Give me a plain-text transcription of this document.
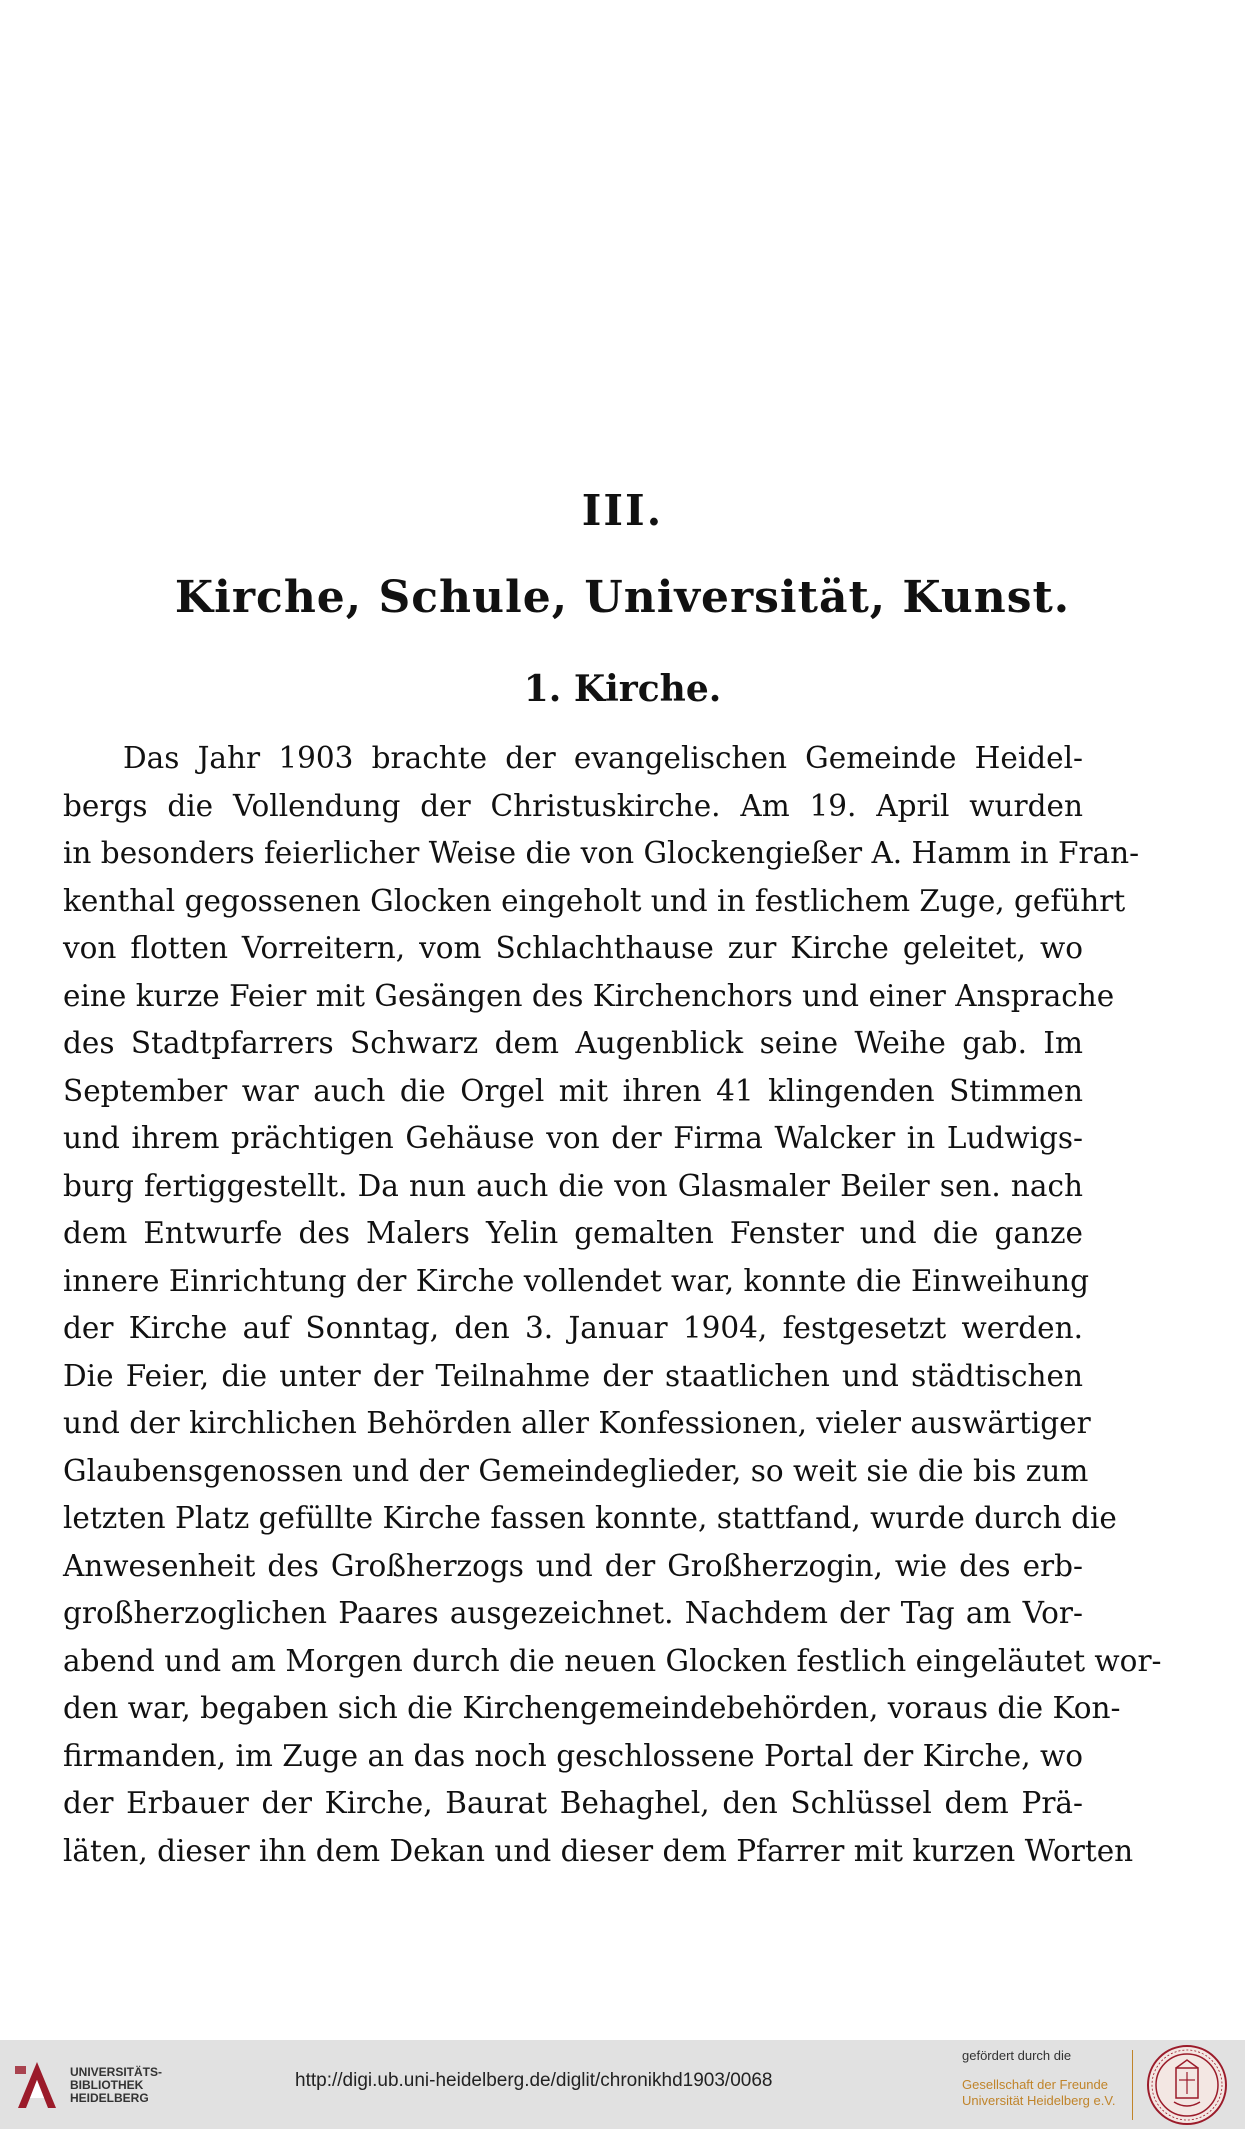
III.
Kirche, Schule, Universität, Kunst.
1. Kirche.
Das Jahr 1903 brachte der evangelischen Gemeinde Heidel-
bergs die Vollendung der Christuskirche. Am 19. April wurden
in besonders feierlicher Weise die von Glockengießer A. Hamm in Fran-
kenthal gegossenen Glocken eingeholt und in festlichem Zuge, geführt
von flotten Vorreitern, vom Schlachthause zur Kirche geleitet, wo
eine kurze Feier mit Gesängen des Kirchenchors und einer Ansprache
des Stadtpfarrers Schwarz dem Augenblick seine Weihe gab. Im
September war auch die Orgel mit ihren 41 klingenden Stimmen
und ihrem prächtigen Gehäuse von der Firma Walcker in Ludwigs-
burg fertiggestellt. Da nun auch die von Glasmaler Beiler sen. nach
dem Entwurfe des Malers Yelin gemalten Fenster und die ganze
innere Einrichtung der Kirche vollendet war, konnte die Einweihung
der Kirche auf Sonntag, den 3. Januar 1904, festgesetzt werden.
Die Feier, die unter der Teilnahme der staatlichen und städtischen
und der kirchlichen Behörden aller Konfessionen, vieler auswärtiger
Glaubensgenossen und der Gemeindeglieder, so weit sie die bis zum
letzten Platz gefüllte Kirche fassen konnte, stattfand, wurde durch die
Anwesenheit des Großherzogs und der Großherzogin, wie des erb-
großherzoglichen Paares ausgezeichnet. Nachdem der Tag am Vor-
abend und am Morgen durch die neuen Glocken festlich eingeläutet wor-
den war, begaben sich die Kirchengemeindebehörden, voraus die Kon-
firmanden, im Zuge an das noch geschlossene Portal der Kirche, wo
der Erbauer der Kirche, Baurat Behaghel, den Schlüssel dem Prä-
läten, dieser ihn dem Dekan und dieser dem Pfarrer mit kurzen Worten
UNIVERSITÄTS-
BIBLIOTHEK
HEIDELBERG
http://digi.ub.uni-heidelberg.de/diglit/chronikhd1903/0068
gefördert durch die
Gesellschaft der Freunde
Universität Heidelberg e.V.
